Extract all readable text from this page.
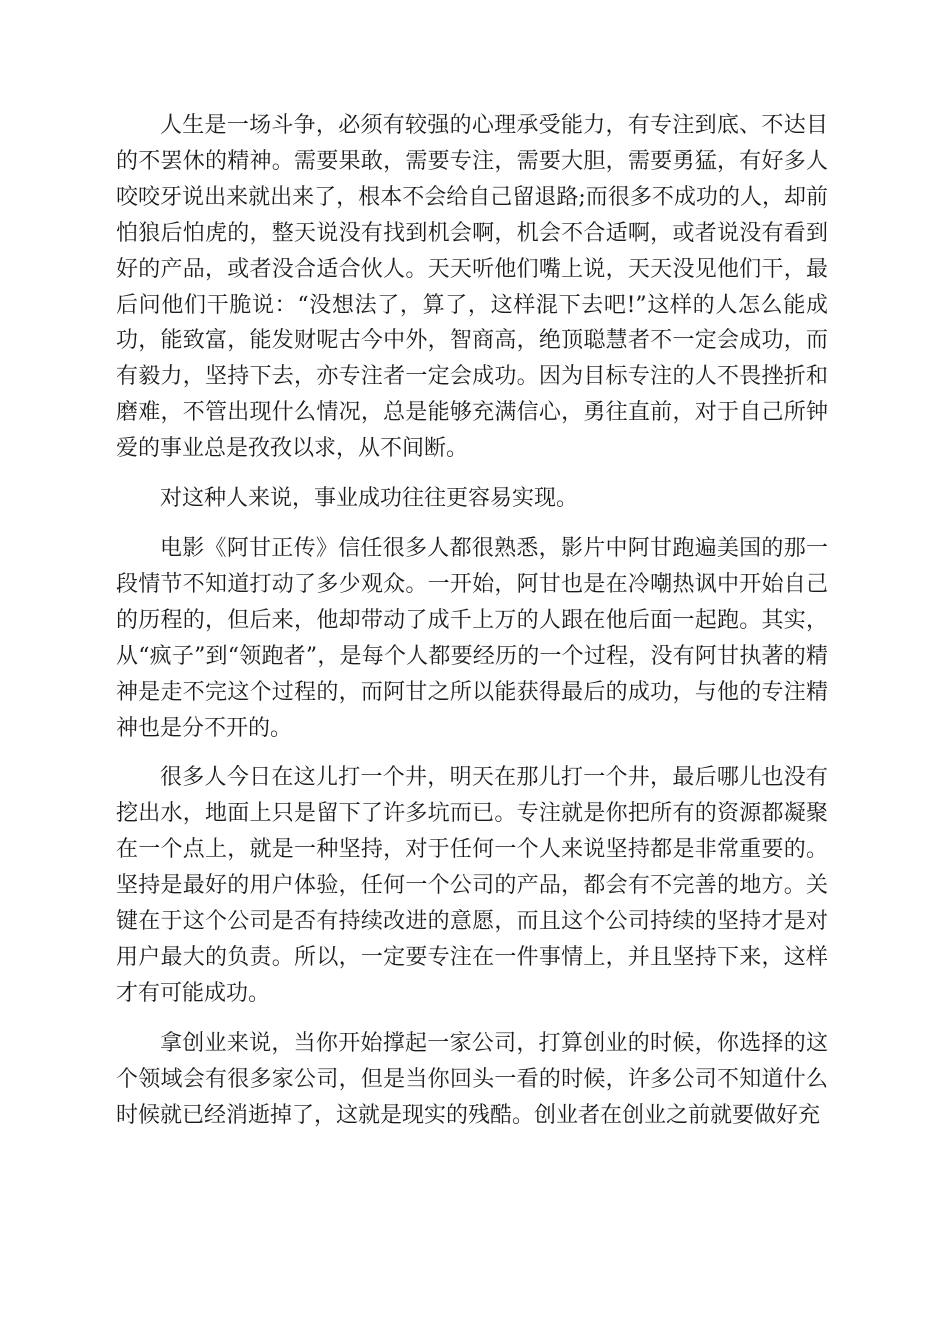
人生是一场斗争，必须有较强的心理承受能力，有专注到底、不达目的不罢休的精神。需要果敢，需要专注，需要大胆，需要勇猛，有好多人咬咬牙说出来就出来了，根本不会给自己留退路;而很多不成功的人，却前怕狼后怕虎的，整天说没有找到机会啊，机会不合适啊，或者说没有看到好的产品，或者没合适合伙人。天天听他们嘴上说，天天没见他们干，最后问他们干脆说：“没想法了，算了，这样混下去吧!”这样的人怎么能成功，能致富，能发财呢古今中外，智商高，绝顶聪慧者不一定会成功，而有毅力，坚持下去，亦专注者一定会成功。因为目标专注的人不畏挫折和磨难，不管出现什么情况，总是能够充满信心，勇往直前，对于自己所钟爱的事业总是孜孜以求，从不间断。

对这种人来说，事业成功往往更容易实现。

电影《阿甘正传》信任很多人都很熟悉，影片中阿甘跑遍美国的那一段情节不知道打动了多少观众。一开始，阿甘也是在冷嘲热讽中开始自己的历程的，但后来，他却带动了成千上万的人跟在他后面一起跑。其实，从“疯子”到“领跑者”，是每个人都要经历的一个过程，没有阿甘执著的精神是走不完这个过程的，而阿甘之所以能获得最后的成功，与他的专注精神也是分不开的。

很多人今日在这儿打一个井，明天在那儿打一个井，最后哪儿也没有挖出水，地面上只是留下了许多坑而已。专注就是你把所有的资源都凝聚在一个点上，就是一种坚持，对于任何一个人来说坚持都是非常重要的。坚持是最好的用户体验，任何一个公司的产品，都会有不完善的地方。关键在于这个公司是否有持续改进的意愿，而且这个公司持续的坚持才是对用户最大的负责。所以，一定要专注在一件事情上，并且坚持下来，这样才有可能成功。

拿创业来说，当你开始撑起一家公司，打算创业的时候，你选择的这个领域会有很多家公司，但是当你回头一看的时候，许多公司不知道什么时候就已经消逝掉了，这就是现实的残酷。创业者在创业之前就要做好充
